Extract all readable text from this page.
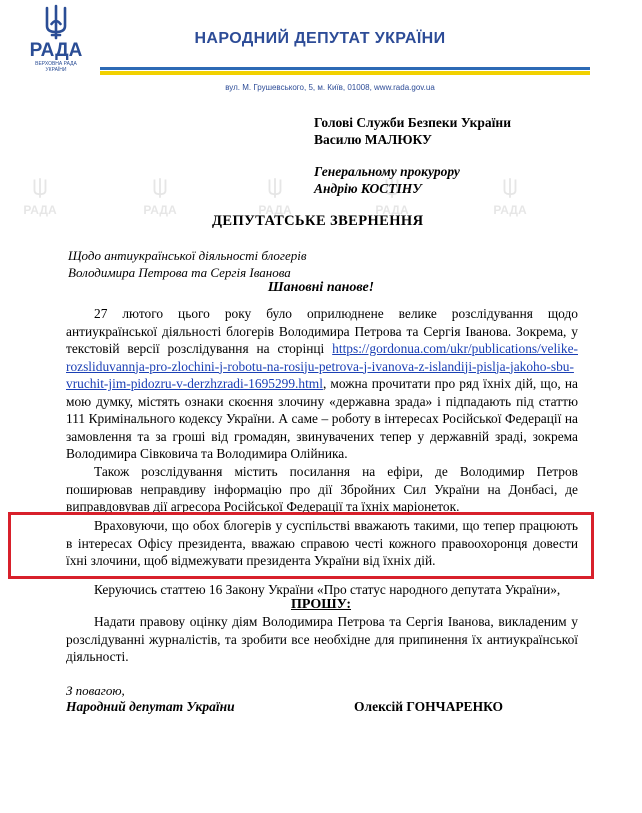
РАДА
ВЕРХОВНА РАДА УКРАЇНИ
НАРОДНИЙ ДЕПУТАТ УКРАЇНИ
вул. М. Грушевського, 5, м. Київ, 01008, www.rada.gov.ua
РАДА	РАДА	РАДА	РАДА	РАДА
Голові Служби Безпеки України
Василю МАЛЮКУ
Генеральному прокурору
Андрію КОСТІНУ
ДЕПУТАТСЬКЕ ЗВЕРНЕННЯ
Щодо антиукраїнської діяльності блогерів
Володимира Петрова та Сергія Іванова
Шановні панове!
27 лютого цього року було оприлюднене велике розслідування щодо антиукраїнської діяльності блогерів Володимира Петрова та Сергія Іванова. Зокрема, у текстовій версії розслідування на сторінці https://gordonua.com/ukr/publications/velike-rozsliduvannja-pro-zlochini-j-robotu-na-rosiju-petrova-j-ivanova-z-islandiji-pislja-jakoho-sbu-vruchit-jim-pidozru-v-derzhzradi-1695299.html, можна прочитати про ряд їхніх дій, що, на мою думку, містять ознаки скоєння злочину «державна зрада» і підпадають під статтю 111 Кримінального кодексу України. А саме – роботу в інтересах Російської Федерації на замовлення та за гроші від громадян, звинувачених тепер у державній зраді, зокрема Володимира Сівковича та Володимира Олійника.
Також розслідування містить посилання на ефіри, де Володимир Петров поширював неправдиву інформацію про дії Збройних Сил України на Донбасі, де виправдовував дії агресора Російської Федерації та їхніх маріонеток.
Враховуючи, що обох блогерів у суспільстві вважають такими, що тепер працюють в інтересах Офісу президента, вважаю справою честі кожного правоохоронця довести їхні злочини, щоб відмежувати президента України від їхніх дій.
Керуючись статтею 16 Закону України «Про статус народного депутата України»,
ПРОШУ:
Надати правову оцінку діям Володимира Петрова та Сергія Іванова, викладеним у розслідуванні журналістів, та зробити все необхідне для припинення їх антиукраїнської діяльності.
З повагою,
Народний депутат України	Олексій ГОНЧАРЕНКО
